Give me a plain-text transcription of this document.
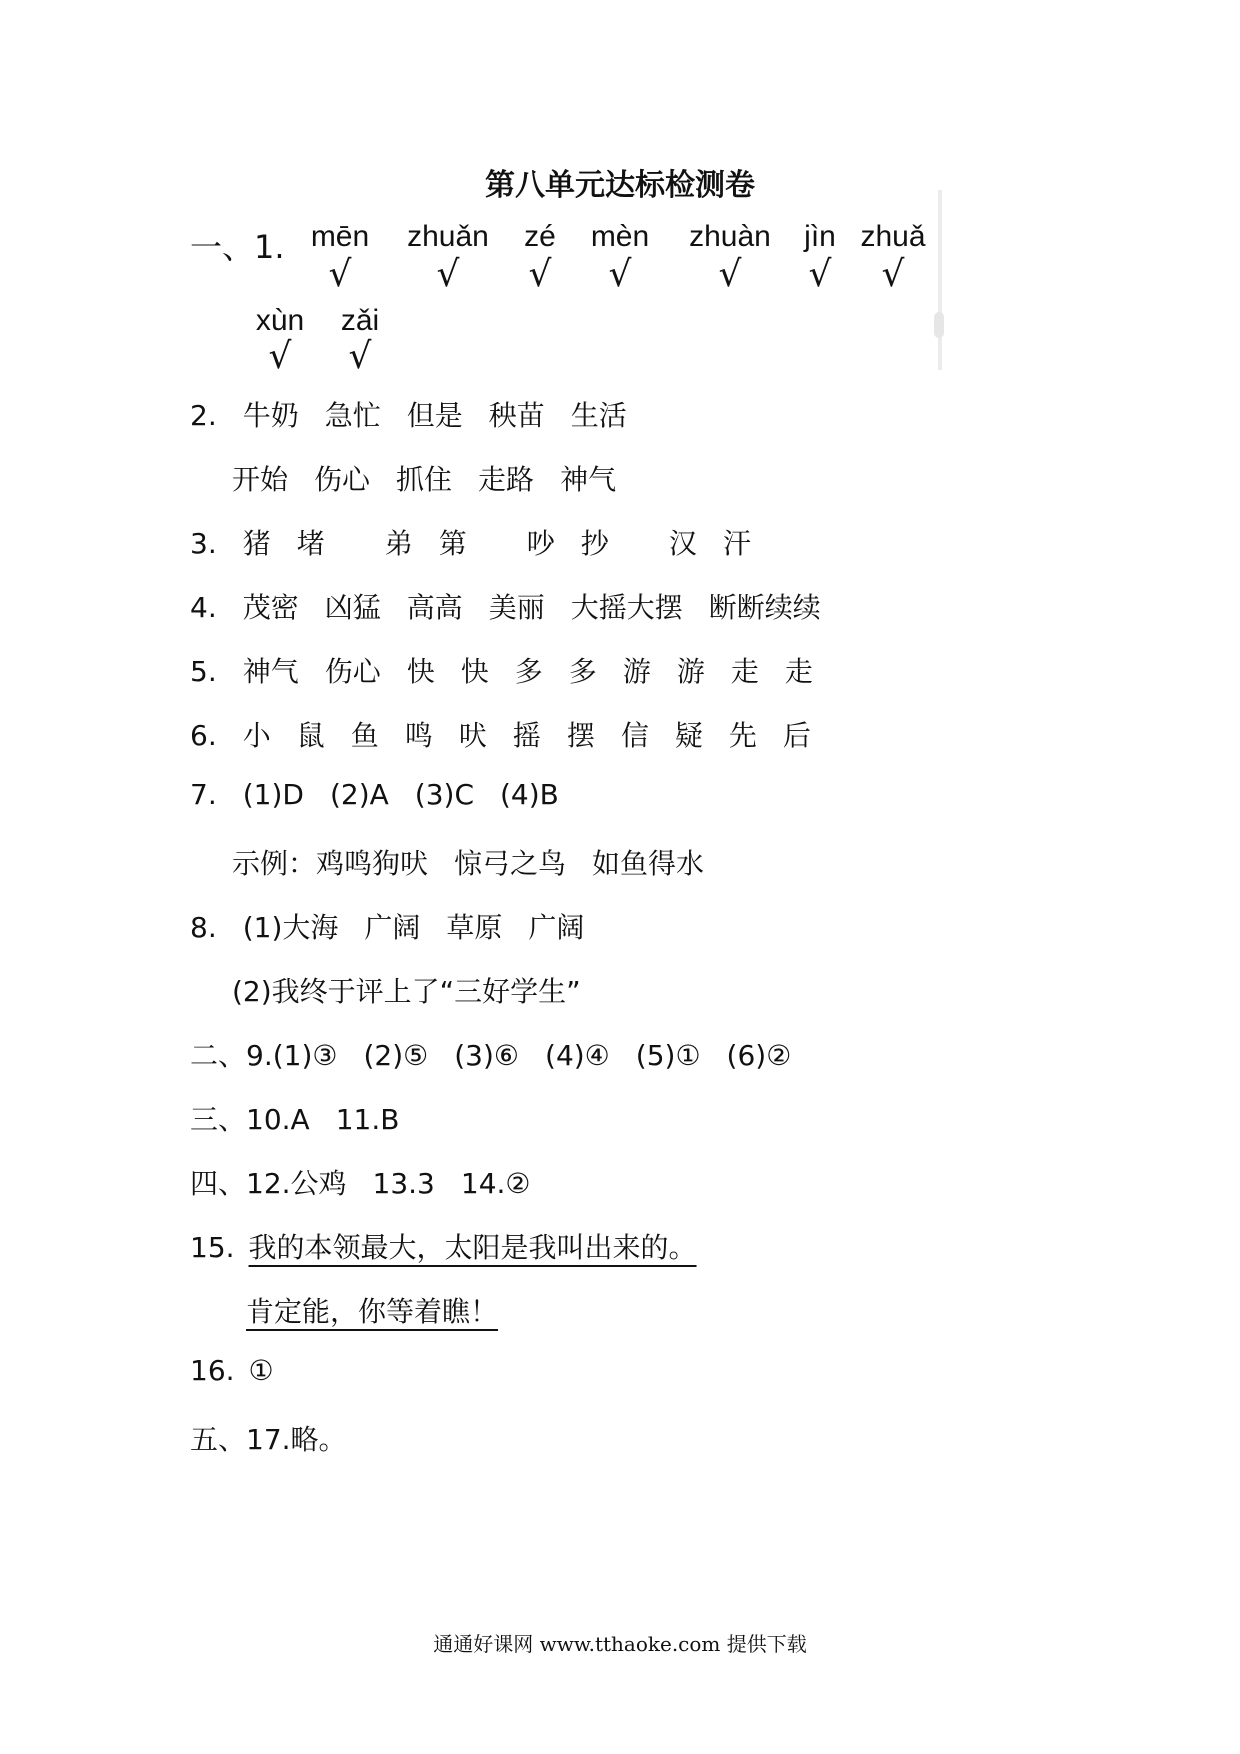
第八单元达标检测卷
一、1. mēn	zhuǎn	zé	mèn	zhuàn	jìn zhuǎ
√	√	√	√	√	√	√
xùn	zǎi
√	√
2. 牛奶 急忙 但是 秧苗 生活
开始 伤心 抓住 走路 神气
3. 猪 堵 弟 第 吵 抄 汉 汗
4. 茂密 凶猛 高高 美丽 大摇大摆 断断续续
5. 神气 伤心 快 快 多 多 游 游 走 走
6. 小 鼠 鱼 鸣 吠 摇 摆 信 疑 先 后
7. (1)D (2)A (3)C (4)B
示例：鸡鸣狗吠 惊弓之鸟 如鱼得水
8. (1)大海 广阔 草原 广阔
(2)我终于评上了“三好学生”
二、9.(1)③ (2)⑤ (3)⑥ (4)④ (5)① (6)②
三、10.A 11.B
四、12.公鸡 13.3 14.②
15. 我的本领最大，太阳是我叫出来的。
肯定能，你等着瞧！
16. ①
五、17.略。
通通好课网 www.tthaoke.com 提供下载
